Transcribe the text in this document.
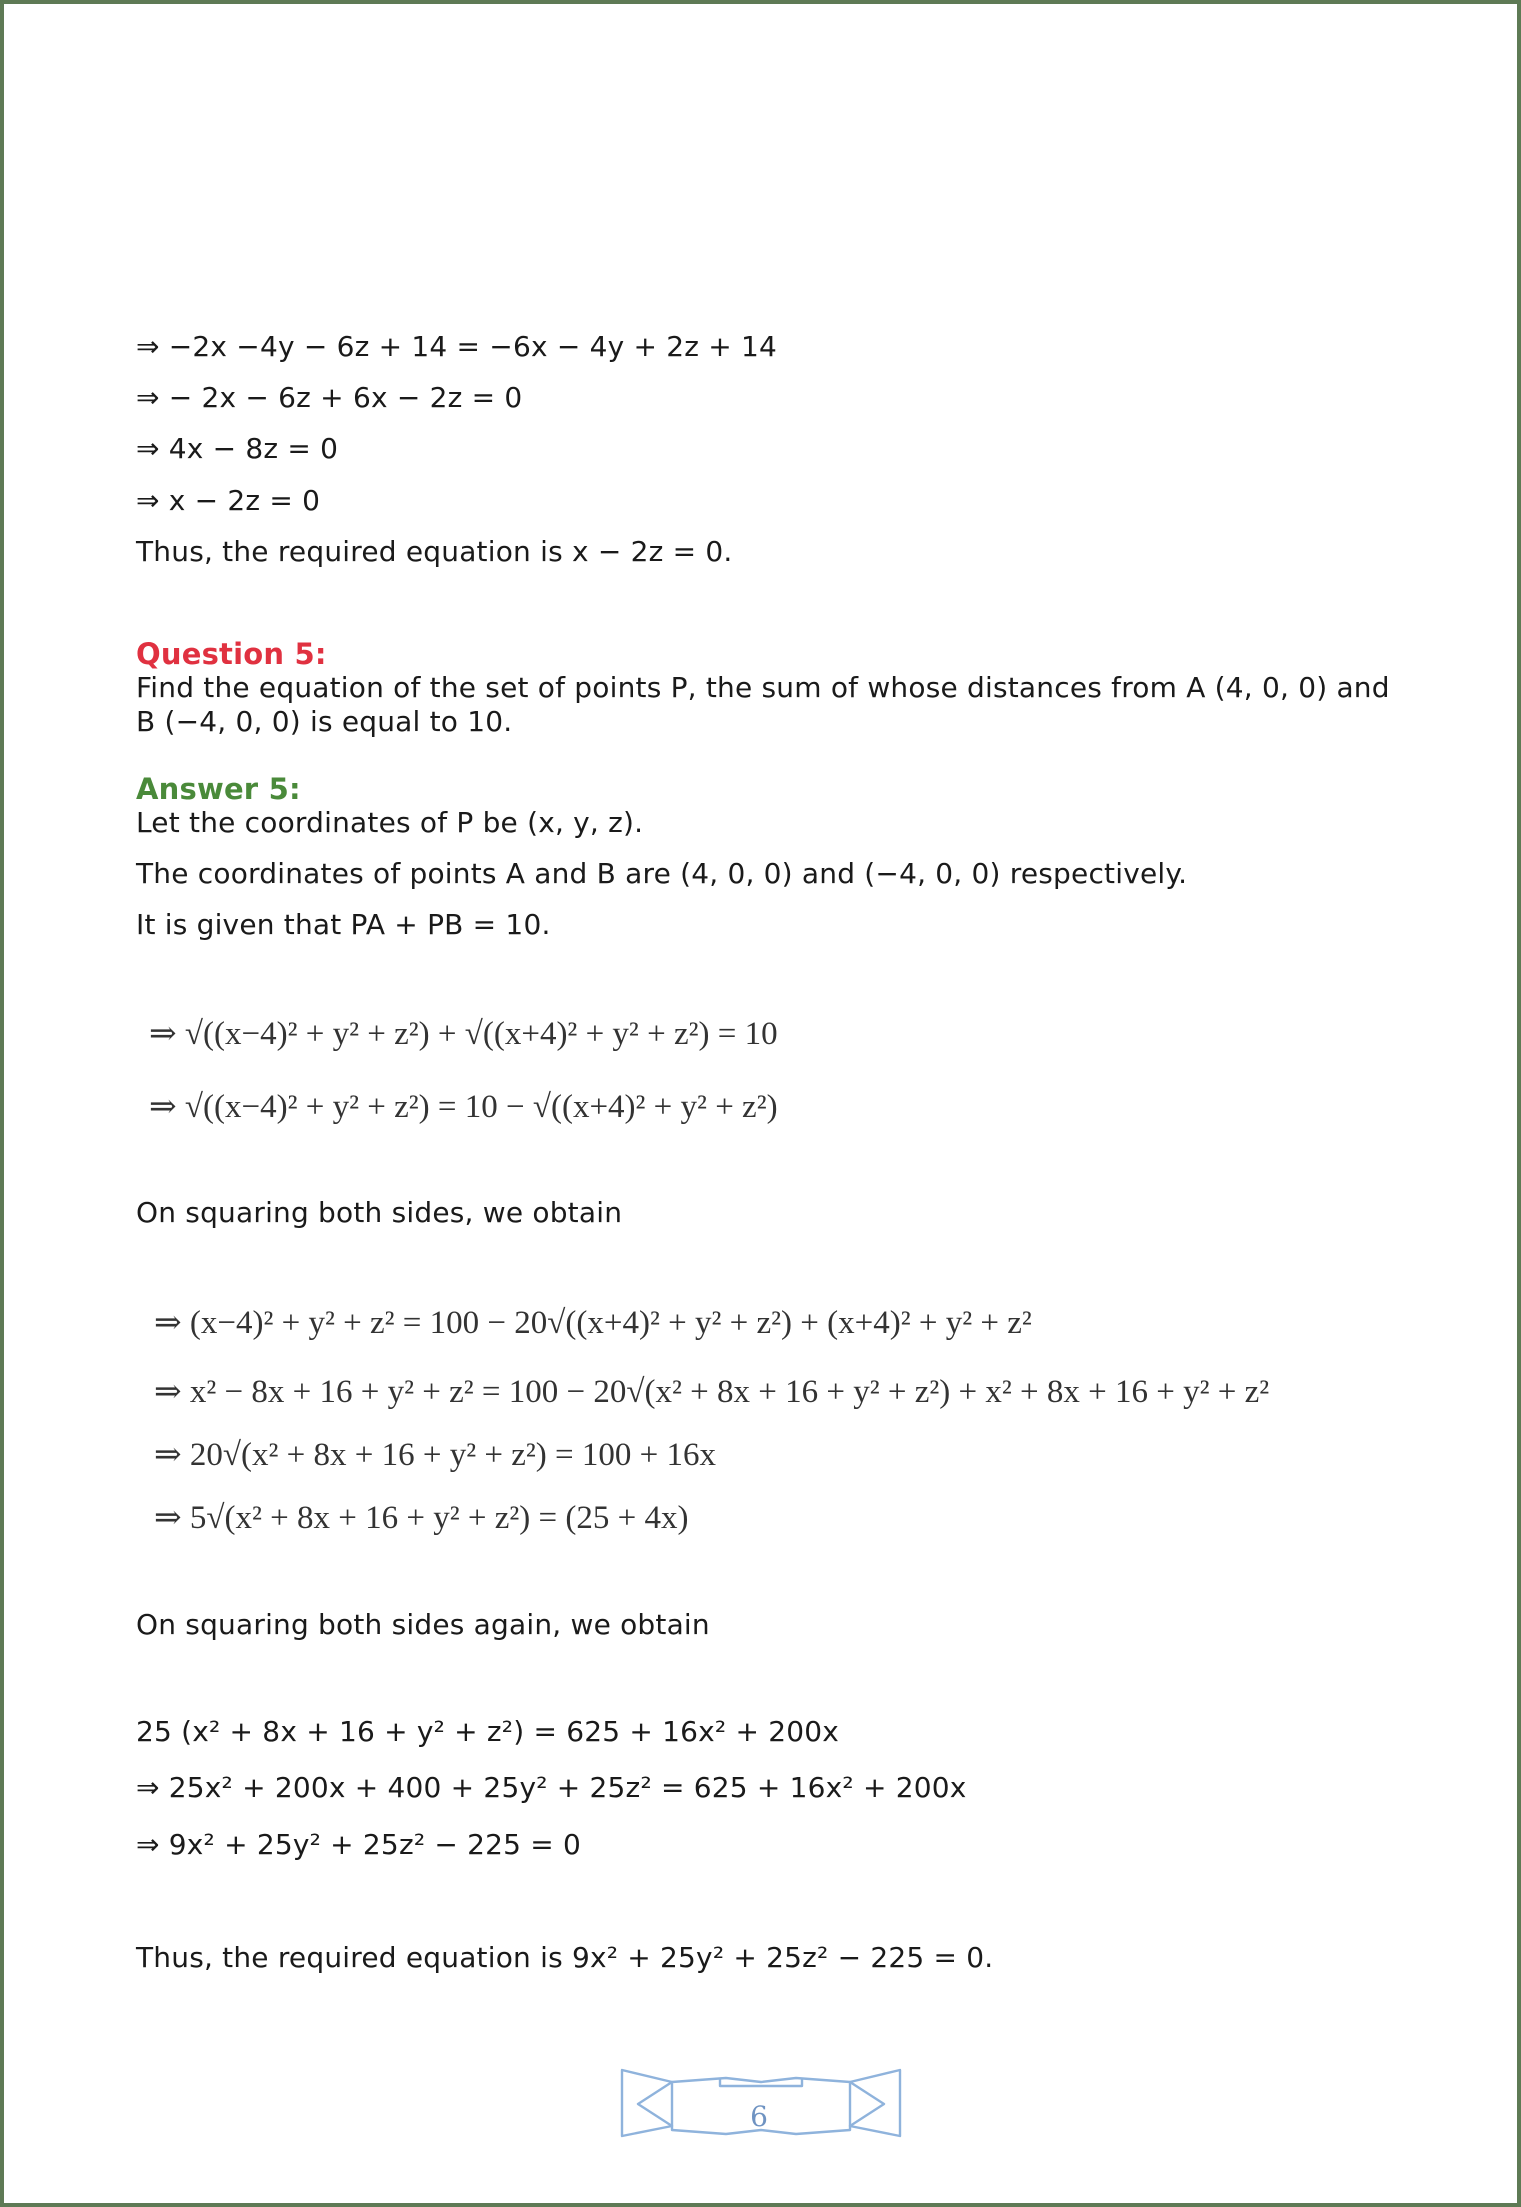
⇒ −2x −4y − 6z + 14 = −6x − 4y + 2z + 14
⇒ − 2x − 6z + 6x − 2z = 0
⇒ 4x − 8z = 0
⇒ x − 2z = 0
Thus, the required equation is x − 2z = 0.
Question 5:
Find the equation of the set of points P, the sum of whose distances from A (4, 0, 0) and B (−4, 0, 0) is equal to 10.
Answer 5:
Let the coordinates of P be (x, y, z).
The coordinates of points A and B are (4, 0, 0) and (−4, 0, 0) respectively.
It is given that PA + PB = 10.
⇒ √((x−4)² + y² + z²) + √((x+4)² + y² + z²) = 10
⇒ √((x−4)² + y² + z²) = 10 − √((x+4)² + y² + z²)
On squaring both sides, we obtain
⇒ (x−4)² + y² + z² = 100 − 20√((x+4)² + y² + z²) + (x+4)² + y² + z²
⇒ x² − 8x + 16 + y² + z² = 100 − 20√(x² + 8x + 16 + y² + z²) + x² + 8x + 16 + y² + z²
⇒ 20√(x² + 8x + 16 + y² + z²) = 100 + 16x
⇒ 5√(x² + 8x + 16 + y² + z²) = (25 + 4x)
On squaring both sides again, we obtain
25 (x² + 8x + 16 + y² + z²) = 625 + 16x² + 200x
⇒ 25x² + 200x + 400 + 25y² + 25z² = 625 + 16x² + 200x
⇒ 9x² + 25y² + 25z² − 225 = 0
Thus, the required equation is 9x² + 25y² + 25z² − 225 = 0.
6
